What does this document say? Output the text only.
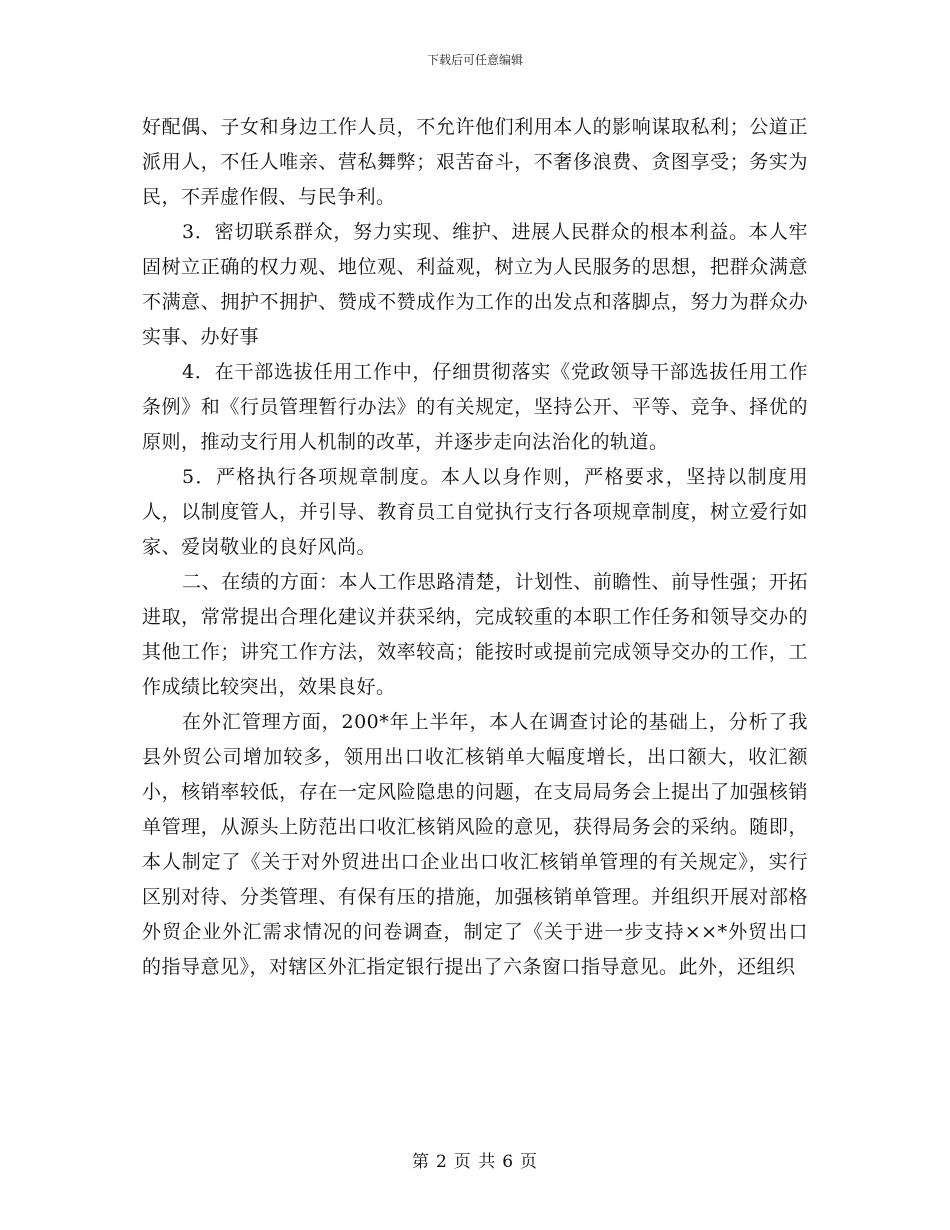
下载后可任意编辑

好配偶、子女和身边工作人员，不允许他们利用本人的影响谋取私利；公道正派用人，不任人唯亲、营私舞弊；艰苦奋斗，不奢侈浪费、贪图享受；务实为民，不弄虚作假、与民争利。

3．密切联系群众，努力实现、维护、进展人民群众的根本利益。本人牢固树立正确的权力观、地位观、利益观，树立为人民服务的思想，把群众满意不满意、拥护不拥护、赞成不赞成作为工作的出发点和落脚点，努力为群众办实事、办好事

4．在干部选拔任用工作中，仔细贯彻落实《党政领导干部选拔任用工作条例》和《行员管理暂行办法》的有关规定，坚持公开、平等、竞争、择优的原则，推动支行用人机制的改革，并逐步走向法治化的轨道。

5．严格执行各项规章制度。本人以身作则，严格要求，坚持以制度用人，以制度管人，并引导、教育员工自觉执行支行各项规章制度，树立爱行如家、爱岗敬业的良好风尚。

二、在绩的方面：本人工作思路清楚，计划性、前瞻性、前导性强；开拓进取，常常提出合理化建议并获采纳，完成较重的本职工作任务和领导交办的其他工作；讲究工作方法，效率较高；能按时或提前完成领导交办的工作，工作成绩比较突出，效果良好。

在外汇管理方面，200*年上半年，本人在调查讨论的基础上，分析了我县外贸公司增加较多，领用出口收汇核销单大幅度增长，出口额大，收汇额小，核销率较低，存在一定风险隐患的问题，在支局局务会上提出了加强核销单管理，从源头上防范出口收汇核销风险的意见，获得局务会的采纳。随即，本人制定了《关于对外贸进出口企业出口收汇核销单管理的有关规定》，实行区别对待、分类管理、有保有压的措施，加强核销单管理。并组织开展对部格外贸企业外汇需求情况的问卷调查，制定了《关于进一步支持××*外贸出口的指导意见》，对辖区外汇指定银行提出了六条窗口指导意见。此外，还组织

第 2 页 共 6 页
